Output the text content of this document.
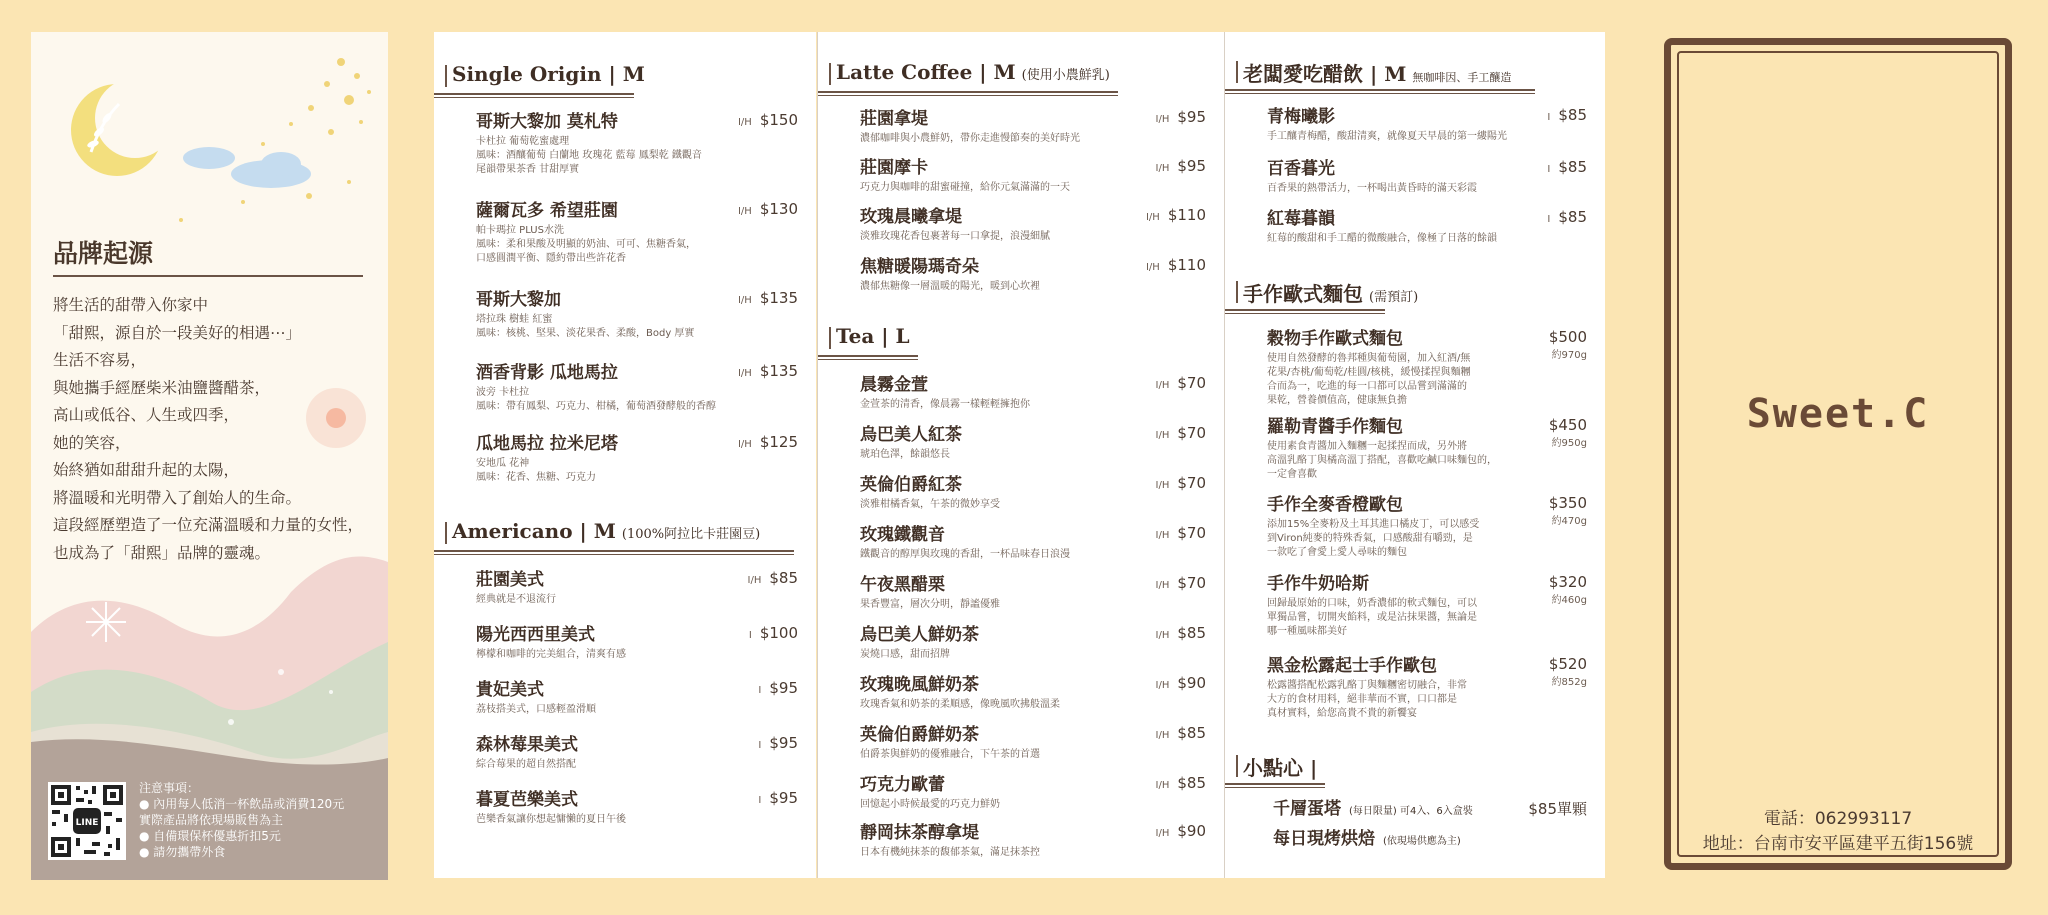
品牌起源
將生活的甜帶入你家中
「甜熙，源自於一段美好的相遇⋯」
生活不容易，
與她攜手經歷柴米油鹽醬醋茶，
高山或低谷、人生或四季，
她的笑容，
始終猶如甜甜升起的太陽，
將溫暖和光明帶入了創始人的生命。
這段經歷塑造了一位充滿溫暖和力量的女性，
也成為了「甜熙」品牌的靈魂。
LINE
注意事項：
● 內用每人低消一杯飲品或消費120元
實際產品將依現場販售為主
● 自備環保杯優惠折扣5元
● 請勿攜帶外食
Single Origin | M
哥斯大黎加 莫札特	I/H $150
卡杜拉 葡萄乾蜜處理
風味：酒釀葡萄 白蘭地 玫瑰花 藍莓 鳳梨乾 鐵觀音
尾韻帶果茶香 甘甜厚實
薩爾瓦多 希望莊園	I/H $130
帕卡瑪拉 PLUS水洗
風味：柔和果酸及明顯的奶油、可可、焦糖香氣，
口感圓潤平衡、隱約帶出些許花香
哥斯大黎加	I/H $135
塔拉珠 樹蛙 紅蜜
風味：核桃、堅果、淡花果香、柔酸，Body 厚實
酒香背影 瓜地馬拉	I/H $135
波旁 卡杜拉
風味：帶有鳳梨、巧克力、柑橘，葡萄酒發酵般的香醇
瓜地馬拉 拉米尼塔	I/H $125
安地瓜 花神
風味：花香、焦糖、巧克力
Americano | M (100%阿拉比卡莊園豆)
莊園美式	I/H $85
經典就是不退流行
陽光西西里美式	I $100
檸檬和咖啡的完美組合，清爽有感
貴妃美式	I $95
荔枝搭美式，口感輕盈滑順
森林莓果美式	I $95
綜合莓果的超自然搭配
暮夏芭樂美式	I $95
芭樂香氣讓你想起慵懶的夏日午後
Latte Coffee | M (使用小農鮮乳)
莊園拿堤	I/H $95
濃郁咖啡與小農鮮奶，帶你走進慢節奏的美好時光
莊園摩卡	I/H $95
巧克力與咖啡的甜蜜碰撞，給你元氣滿滿的一天
玫瑰晨曦拿堤	I/H $110
淡雅玫瑰花香包裹著每一口拿提，浪漫細膩
焦糖暖陽瑪奇朵	I/H $110
濃郁焦糖像一層溫暖的陽光，暖到心坎裡
Tea | L
晨霧金萱	I/H $70
金萱茶的清香，像晨霧一樣輕輕擁抱你
烏巴美人紅茶	I/H $70
琥珀色澤，餘韻悠長
英倫伯爵紅茶	I/H $70
淡雅柑橘香氣，午茶的微妙享受
玫瑰鐵觀音	I/H $70
鐵觀音的醇厚與玫瑰的香甜，一杯品味春日浪漫
午夜黑醋栗	I/H $70
果香豐富，層次分明，靜謐優雅
烏巴美人鮮奶茶	I/H $85
炭燒口感，甜而招牌
玫瑰晚風鮮奶茶	I/H $90
玫瑰香氣和奶茶的柔順感，像晚風吹拂般溫柔
英倫伯爵鮮奶茶	I/H $85
伯爵茶與鮮奶的優雅融合，下午茶的首選
巧克力歐蕾	I/H $85
回憶起小時候最愛的巧克力鮮奶
靜岡抹茶醇拿堤	I/H $90
日本有機純抹茶的馥郁茶氣，滿足抹茶控
老闆愛吃醋飲 | M 無咖啡因、手工釀造
青梅曦影	I $85
手工釀青梅醋，酸甜清爽，就像夏天早晨的第一縷陽光
百香暮光	I $85
百香果的熱帶活力，一杯喝出黃昏時的滿天彩霞
紅莓暮韻	I $85
紅莓的酸甜和手工醋的微酸融合，像極了日落的餘韻
手作歐式麵包 (需預訂)
穀物手作歐式麵包	$500
約970g
使用自然發酵的魯邦種與葡萄園，加入紅酒/無
花果/杏桃/葡萄乾/桂圓/核桃，緩慢揉捏與麵糰
合而為一，吃進的每一口都可以品嘗到滿滿的
果乾，營養價值高，健康無負擔
羅勒青醬手作麵包	$450
約950g
使用素食青醬加入麵糰一起揉捏而成，另外將
高溫乳酪丁與橘高溫丁搭配，喜歡吃鹹口味麵包的，
一定會喜歡
手作全麥香橙歐包	$350
約470g
添加15%全麥粉及土耳其進口橘皮丁，可以感受
到Viron純麥的特殊香氣，口感酸甜有嚼勁，是
一款吃了會愛上愛人尋味的麵包
手作牛奶哈斯	$320
約460g
回歸最原始的口味，奶香濃郁的軟式麵包，可以
單獨品嘗，切開夾餡料，或是沾抹果醬，無論是
哪一種風味都美好
黑金松露起士手作歐包	$520
約852g
松露醬搭配松露乳酪丁與麵糰密切融合，非常
大方的食材用料，絕非華而不實，口口都是
真材實料，給您高貴不貴的新饗宴
小點心 |
千層蛋塔 (每日限量) 可4入、6入盒裝	$85單顆
每日現烤烘焙 (依現場供應為主)
Sweet.C
電話：062993117
地址：台南市安平區建平五街156號
